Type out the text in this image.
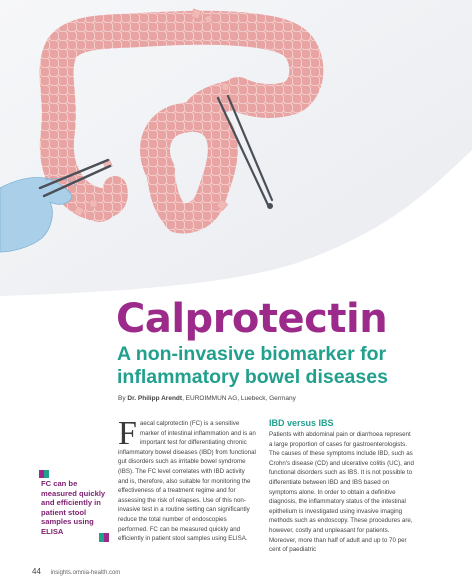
Calprotectin
A non-invasive biomarker for inflammatory bowel diseases
By Dr. Philipp Arendt, EUROIMMUN AG, Luebeck, Germany
F aecal calprotectin (FC) is a sensitive marker of intestinal inflammation and is an important test for differentiating chronic inflammatory bowel diseases (IBD) from functional gut disorders such as irritable bowel syndrome (IBS). The FC level correlates with IBD activity and is, therefore, also suitable for monitoring the effectiveness of a treatment regime and for assessing the risk of relapses. Use of this non-invasive test in a routine setting can significantly reduce the total number of endoscopies performed. FC can be measured quickly and efficiently in patient stool samples using ELISA.
IBD versus IBS

Patients with abdominal pain or diarrhoea represent a large proportion of cases for gastroenterologists. The causes of these symptoms include IBD, such as Crohn's disease (CD) and ulcerative colitis (UC), and functional disorders such as IBS. It is not possible to differentiate between IBD and IBS based on symptoms alone. In order to obtain a definitive diagnosis, the inflammatory status of the intestinal epithelium is investigated using invasive imaging methods such as endoscopy. These procedures are, however, costly and unpleasant for patients. Moreover, more than half of adult and up to 70 per cent of paediatric

FC can be measured quickly and efficiently in patient stool samples using ELISA

44 insights.omnia-health.com
